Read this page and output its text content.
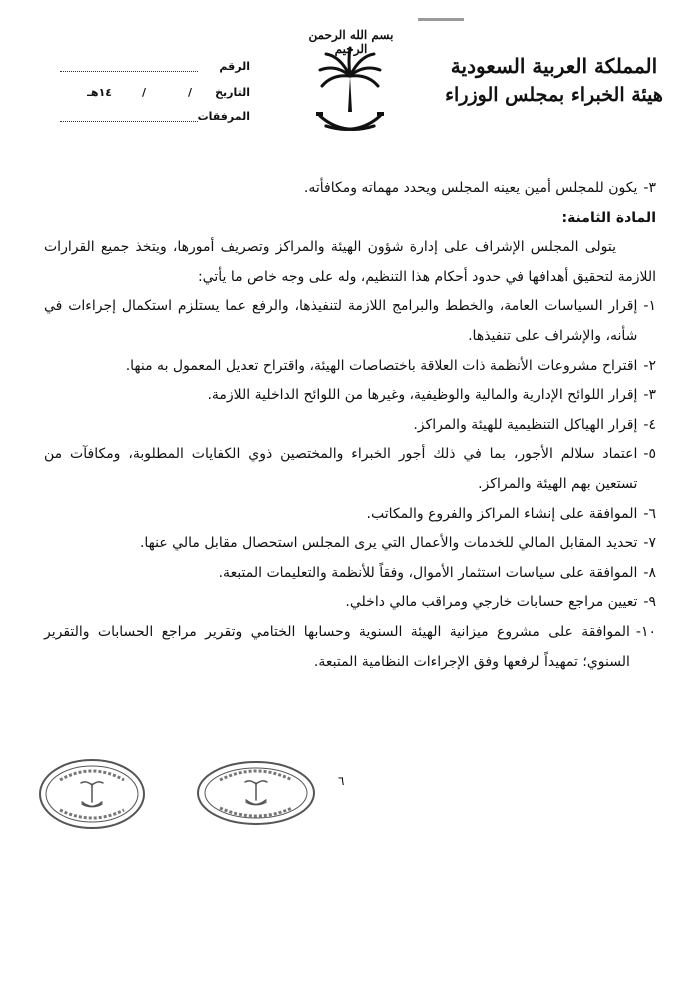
بسم الله الرحمن الرحيم
المملكة العربية السعودية
هيئة الخبراء بمجلس الوزراء
الرقم
التاريخ
/
/
١٤هـ
المرفقات
٣-
يكون للمجلس أمين يعينه المجلس ويحدد مهماته ومكافأته.

المادة الثامنة:

يتولى المجلس الإشراف على إدارة شؤون الهيئة والمراكز وتصريف أمورها، ويتخذ جميع القرارات اللازمة لتحقيق أهدافها في حدود أحكام هذا التنظيم، وله على وجه خاص ما يأتي:

١-
إقرار السياسات العامة، والخطط والبرامج اللازمة لتنفيذها، والرفع عما يستلزم استكمال إجراءات في شأنه، والإشراف على تنفيذها.
٢-
اقتراح مشروعات الأنظمة ذات العلاقة باختصاصات الهيئة، واقتراح تعديل المعمول به منها.
٣-
إقرار اللوائح الإدارية والمالية والوظيفية، وغيرها من اللوائح الداخلية اللازمة.
٤-
إقرار الهياكل التنظيمية للهيئة والمراكز.
٥-
اعتماد سلالم الأجور، بما في ذلك أجور الخبراء والمختصين ذوي الكفايات المطلوبة، ومكافآت من تستعين بهم الهيئة والمراكز.
٦-
الموافقة على إنشاء المراكز والفروع والمكاتب.
٧-
تحديد المقابل المالي للخدمات والأعمال التي يرى المجلس استحصال مقابل مالي عنها.
٨-
الموافقة على سياسات استثمار الأموال، وفقاً للأنظمة والتعليمات المتبعة.
٩-
تعيين مراجع حسابات خارجي ومراقب مالي داخلي.
١٠-
الموافقة على مشروع ميزانية الهيئة السنوية وحسابها الختامي وتقرير مراجع الحسابات والتقرير السنوي؛ تمهيداً لرفعها وفق الإجراءات النظامية المتبعة.
٦
